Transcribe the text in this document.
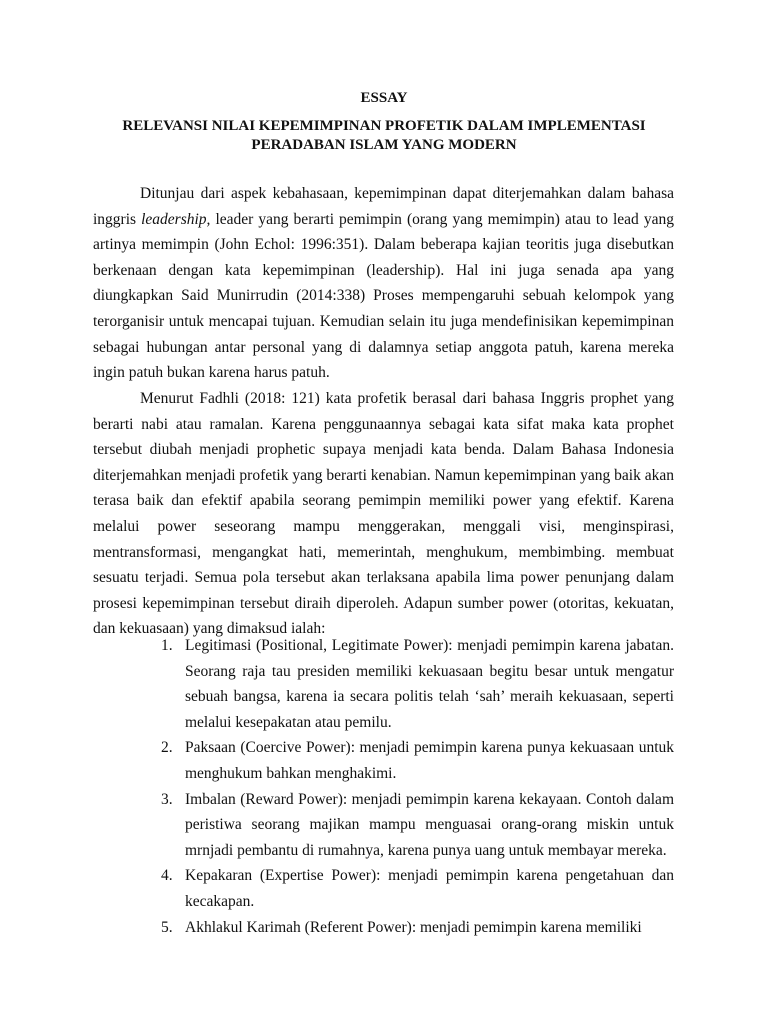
ESSAY
RELEVANSI NILAI KEPEMIMPINAN PROFETIK DALAM IMPLEMENTASI
PERADABAN ISLAM YANG MODERN

Ditunjau dari aspek kebahasaan, kepemimpinan dapat diterjemahkan dalam bahasa inggris leadership, leader yang berarti pemimpin (orang yang memimpin) atau to lead yang artinya memimpin (John Echol: 1996:351). Dalam beberapa kajian teoritis juga disebutkan berkenaan dengan kata kepemimpinan (leadership). Hal ini juga senada apa yang diungkapkan Said Munirrudin (2014:338) Proses mempengaruhi sebuah kelompok yang terorganisir untuk mencapai tujuan. Kemudian selain itu juga mendefinisikan kepemimpinan sebagai hubungan antar personal yang di dalamnya setiap anggota patuh, karena mereka ingin patuh bukan karena harus patuh.

Menurut Fadhli (2018: 121) kata profetik berasal dari bahasa Inggris prophet yang berarti nabi atau ramalan. Karena penggunaannya sebagai kata sifat maka kata prophet tersebut diubah menjadi prophetic supaya menjadi kata benda. Dalam Bahasa Indonesia diterjemahkan menjadi profetik yang berarti kenabian. Namun kepemimpinan yang baik akan terasa baik dan efektif apabila seorang pemimpin memiliki power yang efektif. Karena melalui power seseorang mampu menggerakan, menggali visi, menginspirasi, mentransformasi, mengangkat hati, memerintah, menghukum, membimbing. membuat sesuatu terjadi. Semua pola tersebut akan terlaksana apabila lima power penunjang dalam prosesi kepemimpinan tersebut diraih diperoleh. Adapun sumber power (otoritas, kekuatan, dan kekuasaan) yang dimaksud ialah:

1. Legitimasi (Positional, Legitimate Power): menjadi pemimpin karena jabatan. Seorang raja tau presiden memiliki kekuasaan begitu besar untuk mengatur sebuah bangsa, karena ia secara politis telah ‘sah’ meraih kekuasaan, seperti melalui kesepakatan atau pemilu.
2. Paksaan (Coercive Power): menjadi pemimpin karena punya kekuasaan untuk menghukum bahkan menghakimi.
3. Imbalan (Reward Power): menjadi pemimpin karena kekayaan. Contoh dalam peristiwa seorang majikan mampu menguasai orang-orang miskin untuk mrnjadi pembantu di rumahnya, karena punya uang untuk membayar mereka.
4. Kepakaran (Expertise Power): menjadi pemimpin karena pengetahuan dan kecakapan.
5. Akhlakul Karimah (Referent Power): menjadi pemimpin karena memiliki
